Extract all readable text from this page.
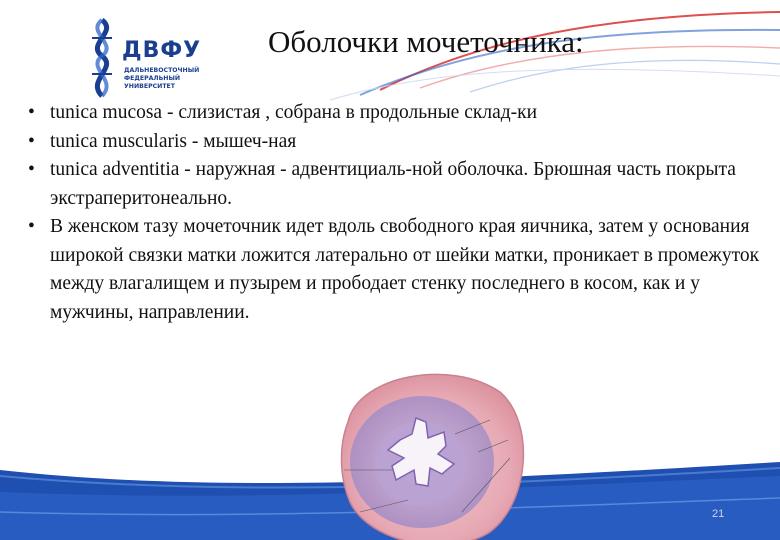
ДВФУ
ДАЛЬНЕВОСТОЧНЫЙ
ФЕДЕРАЛЬНЫЙ
УНИВЕРСИТЕТ
Оболочки мочеточника:
• tunica mucosa - слизистая , собрана в продольные склад-ки
• tunica muscularis - мышеч-ная
• tunica adventitia - наружная - адвентициаль-ной оболочка. Брюшная часть покрыта экстраперитонеально.
• В женском тазу мочеточник идет вдоль свободного края яичника, затем у основания широкой связки матки ложится латерально от шейки матки, проникает в промежуток между влагалищем и пузырем и прободает стенку последнего в косом, как и у мужчины, направлении.
21
